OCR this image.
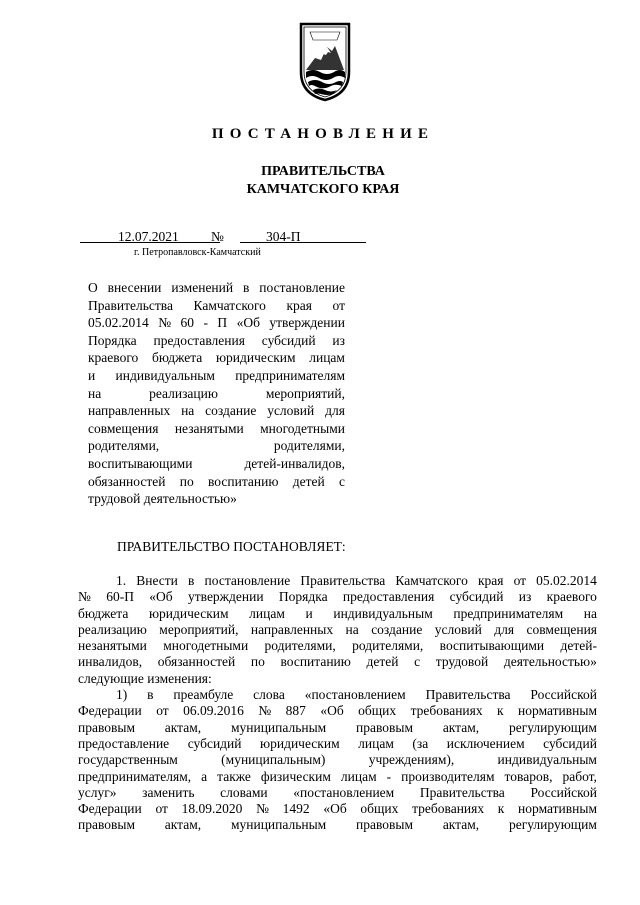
ПОСТАНОВЛЕНИЕ
ПРАВИТЕЛЬСТВА
КАМЧАТСКОГО КРАЯ
12.07.2021 №	304-П
г. Петропавловск-Камчатский
О внесении изменений в постановление
Правительства Камчатского края от
05.02.2014 № 60 - П «Об утверждении
Порядка предоставления субсидий из
краевого бюджета юридическим лицам
и индивидуальным предпринимателям
на	реализацию	мероприятий,
направленных на создание условий для
совмещения незанятыми многодетными
родителями,	родителями,
воспитывающими	детей-инвалидов,
обязанностей по воспитанию детей с
трудовой деятельностью»
ПРАВИТЕЛЬСТВО ПОСТАНОВЛЯЕТ:
1. Внести в постановление Правительства Камчатского края от 05.02.2014
№ 60-П «Об утверждении Порядка предоставления субсидий из краевого
бюджета юридическим лицам и индивидуальным предпринимателям на
реализацию мероприятий, направленных на создание условий для совмещения
незанятыми многодетными родителями, родителями, воспитывающими детей-
инвалидов, обязанностей по воспитанию детей с трудовой деятельностью»
следующие изменения:
1) в преамбуле слова «постановлением Правительства Российской
Федерации от 06.09.2016 № 887 «Об общих требованиях к нормативным
правовым актам, муниципальным правовым актам, регулирующим
предоставление субсидий юридическим лицам (за исключением субсидий
государственным	(муниципальным)	учреждениям),	индивидуальным
предпринимателям, а также физическим лицам - производителям товаров, работ,
услуг» заменить словами «постановлением Правительства Российской
Федерации от 18.09.2020 № 1492 «Об общих требованиях к нормативным
правовым актам, муниципальным правовым актам, регулирующим
